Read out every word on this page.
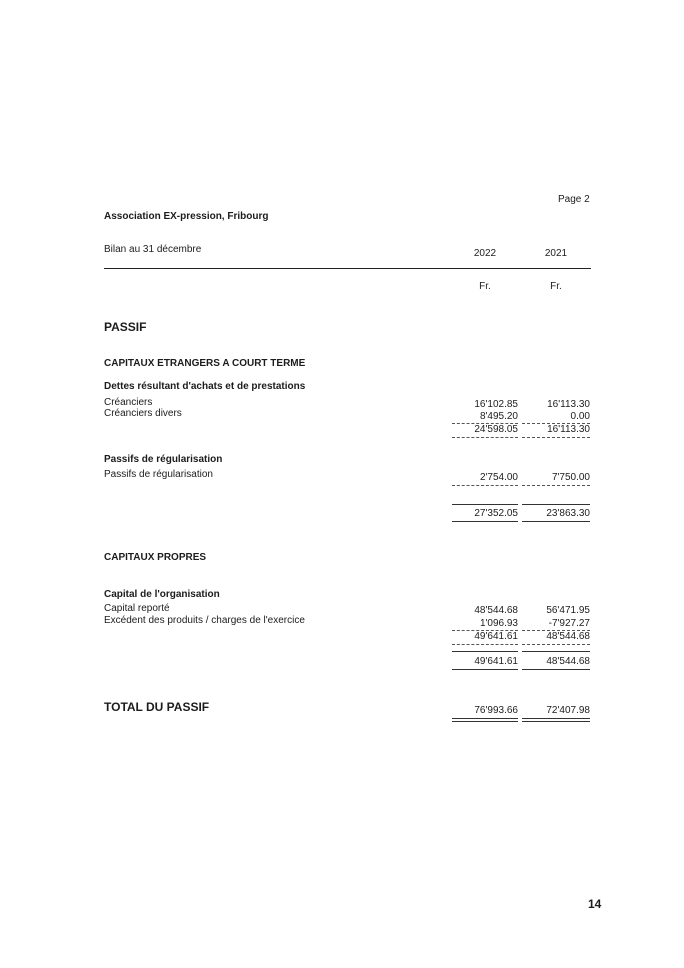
Page 2
Association EX-pression, Fribourg
Bilan au 31 décembre	2022	2021
Fr.	Fr.
PASSIF
CAPITAUX ETRANGERS A COURT TERME
Dettes résultant d'achats et de prestations
Créanciers	16'102.85	16'113.30
Créanciers divers	8'495.20	0.00
24'598.05	16'113.30
Passifs de régularisation
Passifs de régularisation	2'754.00	7'750.00
27'352.05	23'863.30
CAPITAUX PROPRES
Capital de l'organisation
Capital reporté	48'544.68	56'471.95
Excédent des produits / charges de l'exercice	1'096.93	-7'927.27
49'641.61	48'544.68
49'641.61	48'544.68
TOTAL DU PASSIF	76'993.66	72'407.98
14
